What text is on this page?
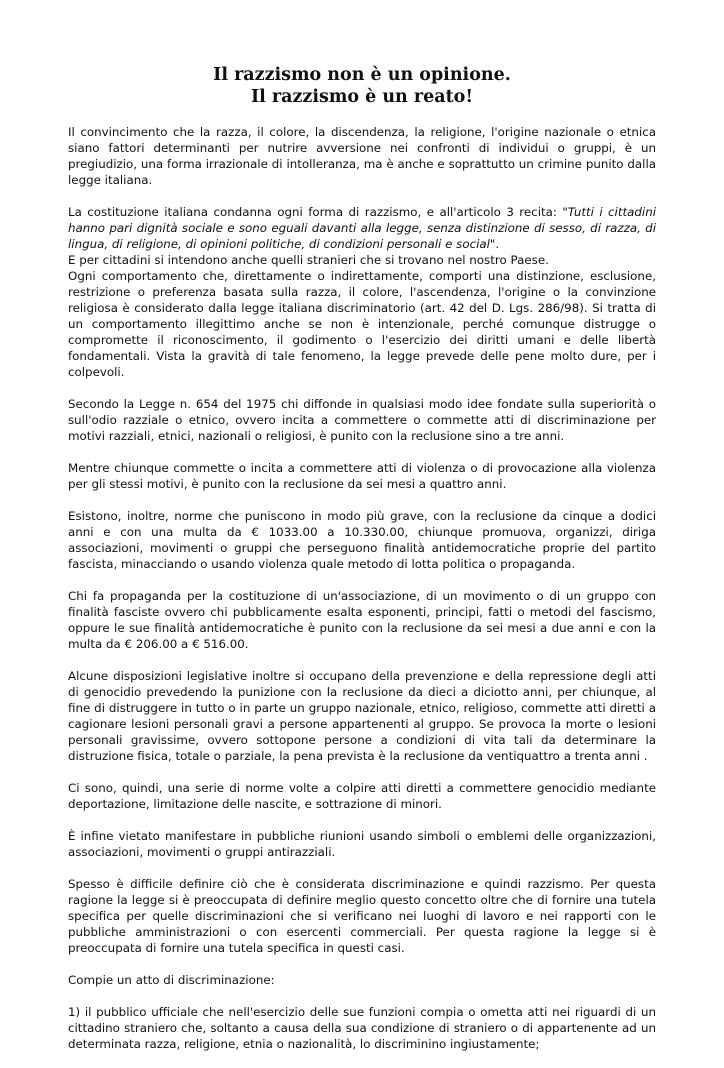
Il razzismo non è un opinione.
Il razzismo è un reato!

Il convincimento che la razza, il colore, la discendenza, la religione, l'origine nazionale o etnica siano fattori determinanti per nutrire avversione nei confronti di individui o gruppi, è un pregiudizio, una forma irrazionale di intolleranza, ma è anche e soprattutto un crimine punito dalla legge italiana.

La costituzione italiana condanna ogni forma di razzismo, e all'articolo 3 recita: "Tutti i cittadini hanno pari dignità sociale e sono eguali davanti alla legge, senza distinzione di sesso, di razza, di lingua, di religione, di opinioni politiche, di condizioni personali e social".

E per cittadini si intendono anche quelli stranieri che si trovano nel nostro Paese.

Ogni comportamento che, direttamente o indirettamente, comporti una distinzione, esclusione, restrizione o preferenza basata sulla razza, il colore, l'ascendenza, l'origine o la convinzione religiosa è considerato dalla legge italiana discriminatorio (art. 42 del D. Lgs. 286/98). Si tratta di un comportamento illegittimo anche se non è intenzionale, perché comunque distrugge o compromette il riconoscimento, il godimento o l'esercizio dei diritti umani e delle libertà fondamentali. Vista la gravità di tale fenomeno, la legge prevede delle pene molto dure, per i colpevoli.

Secondo la Legge n. 654 del 1975 chi diffonde in qualsiasi modo idee fondate sulla superiorità o sull'odio razziale o etnico, ovvero incita a commettere o commette atti di discriminazione per motivi razziali, etnici, nazionali o religiosi, è punito con la reclusione sino a tre anni.

Mentre chiunque commette o incita a commettere atti di violenza o di provocazione alla violenza per gli stessi motivi, è punito con la reclusione da sei mesi a quattro anni.

Esistono, inoltre, norme che puniscono in modo più grave, con la reclusione da cinque a dodici anni e con una multa da € 1033.00 a 10.330.00, chiunque promuova, organizzi, diriga associazioni, movimenti o gruppi che perseguono finalità antidemocratiche proprie del partito fascista, minacciando o usando violenza quale metodo di lotta politica o propaganda.

Chi fa propaganda per la costituzione di un'associazione, di un movimento o di un gruppo con finalità fasciste ovvero chi pubblicamente esalta esponenti, principi, fatti o metodi del fascismo, oppure le sue finalità antidemocratiche è punito con la reclusione da sei mesi a due anni e con la multa da € 206.00 a € 516.00.

Alcune disposizioni legislative inoltre si occupano della prevenzione e della repressione degli atti di genocidio prevedendo la punizione con la reclusione da dieci a diciotto anni, per chiunque, al fine di distruggere in tutto o in parte un gruppo nazionale, etnico, religioso, commette atti diretti a cagionare lesioni personali gravi a persone appartenenti al gruppo. Se provoca la morte o lesioni personali gravissime, ovvero sottopone persone a condizioni di vita tali da determinare la distruzione fisica, totale o parziale, la pena prevista è la reclusione da ventiquattro a trenta anni .

Ci sono, quindi, una serie di norme volte a colpire atti diretti a commettere genocidio mediante deportazione, limitazione delle nascite, e sottrazione di minori.

È infine vietato manifestare in pubbliche riunioni usando simboli o emblemi delle organizzazioni, associazioni, movimenti o gruppi antirazziali.

Spesso è difficile definire ciò che è considerata discriminazione e quindi razzismo. Per questa ragione la legge si è preoccupata di definire meglio questo concetto oltre che di fornire una tutela specifica per quelle discriminazioni che si verificano nei luoghi di lavoro e nei rapporti con le pubbliche amministrazioni o con esercenti commerciali. Per questa ragione la legge si è preoccupata di fornire una tutela specifica in questi casi.

Compie un atto di discriminazione:

1) il pubblico ufficiale che nell'esercizio delle sue funzioni compia o ometta atti nei riguardi di un cittadino straniero che, soltanto a causa della sua condizione di straniero o di appartenente ad un determinata razza, religione, etnia o nazionalità, lo discriminino ingiustamente;
